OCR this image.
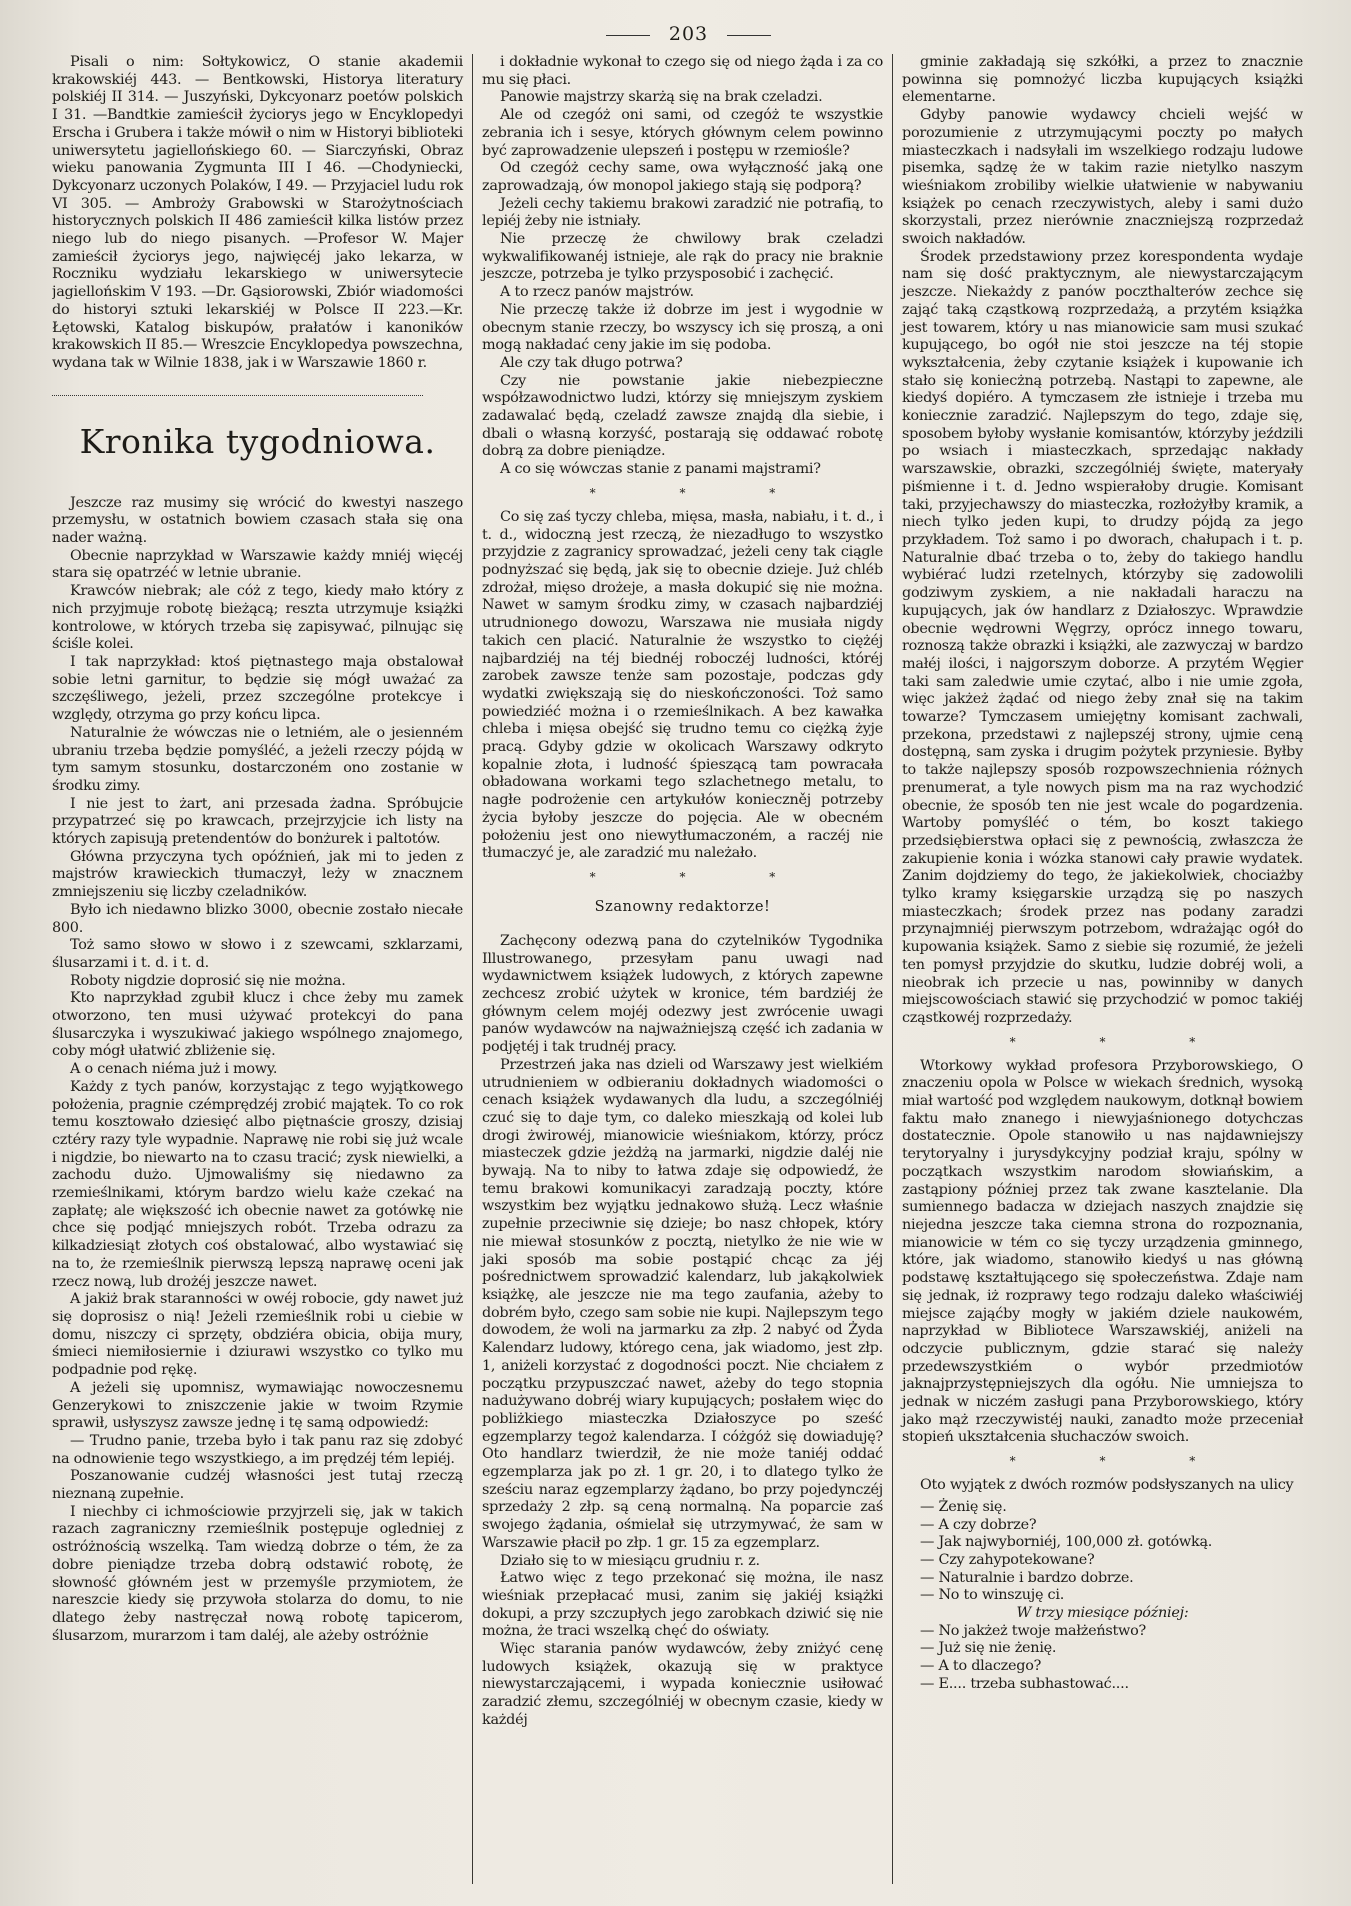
203

Pisali o nim: Sołtykowicz, O stanie akademii krakowskiéj 443. — Bentkowski, Historya literatury polskiéj II 314. — Juszyński, Dykcyonarz poetów polskich I 31. —Bandtkie zamieścił życiorys jego w Encyklopedyi Erscha i Grubera i także mówił o nim w Historyi biblioteki uniwersytetu jagiellońskiego 60. — Siarczyński, Obraz wieku panowania Zygmunta III I 46. —Chodyniecki, Dykcyonarz uczonych Polaków, I 49. — Przyjaciel ludu rok VI 305. — Ambroży Grabowski w Starożytnościach historycznych polskich II 486 zamieścił kilka listów przez niego lub do niego pisanych. —Profesor W. Majer zamieścił życiorys jego, najwięcéj jako lekarza, w Roczniku wydziału lekarskiego w uniwersytecie jagiellońskim V 193. —Dr. Gąsiorowski, Zbiór wiadomości do historyi sztuki lekarskiéj w Polsce II 223.—Kr. Łętowski, Katalog biskupów, prałatów i kanoników krakowskich II 85.— Wreszcie Encyklopedya powszechna, wydana tak w Wilnie 1838, jak i w Warszawie 1860 r.

Kronika tygodniowa.

Jeszcze raz musimy się wrócić do kwestyi naszego przemysłu, w ostatnich bowiem czasach stała się ona nader ważną.

Obecnie naprzykład w Warszawie każdy mniéj więcéj stara się opatrzéć w letnie ubranie.

Krawców niebrak; ale cóż z tego, kiedy mało który z nich przyjmuje robotę bieżącą; reszta utrzymuje książki kontrolowe, w których trzeba się zapisywać, pilnując się ściśle kolei.

I tak naprzykład: ktoś piętnastego maja obstalował sobie letni garnitur, to będzie się mógł uważać za szczęśliwego, jeżeli, przez szczególne protekcye i względy, otrzyma go przy końcu lipca.

Naturalnie że wówczas nie o letniém, ale o jesienném ubraniu trzeba będzie pomyśléć, a jeżeli rzeczy pójdą w tym samym stosunku, dostarczoném ono zostanie w środku zimy.

I nie jest to żart, ani przesada żadna. Spróbujcie przypatrzeć się po krawcach, przejrzyjcie ich listy na których zapisują pretendentów do bonżurek i paltotów.

Główna przyczyna tych opóźnień, jak mi to jeden z majstrów krawieckich tłumaczył, leży w znacznem zmniejszeniu się liczby czeladników.

Było ich niedawno blizko 3000, obecnie zostało niecałe 800.

Toż samo słowo w słowo i z szewcami, szklarzami, ślusarzami i t. d. i t. d.

Roboty nigdzie doprosić się nie można.

Kto naprzykład zgubił klucz i chce żeby mu zamek otworzono, ten musi używać protekcyi do pana ślusarczyka i wyszukiwać jakiego wspólnego znajomego, coby mógł ułatwić zbliżenie się.

A o cenach niéma już i mowy.

Każdy z tych panów, korzystając z tego wyjątkowego położenia, pragnie czémprędzéj zrobić majątek. To co rok temu kosztowało dziesięć albo piętnaście groszy, dzisiaj cztéry razy tyle wypadnie. Naprawę nie robi się już wcale i nigdzie, bo niewarto na to czasu tracić; zysk niewielki, a zachodu dużo. Ujmowaliśmy się niedawno za rzemieślnikami, którym bardzo wielu każe czekać na zapłatę; ale większość ich obecnie nawet za gotówkę nie chce się podjąć mniejszych robót. Trzeba odrazu za kilkadziesiąt złotych coś obstalować, albo wystawiać się na to, że rzemieślnik pierwszą lepszą naprawę oceni jak rzecz nową, lub drożéj jeszcze nawet.

A jakiż brak staranności w owéj robocie, gdy nawet już się doprosisz o nią! Jeżeli rzemieślnik robi u ciebie w domu, niszczy ci sprzęty, obdziéra obicia, obija mury, śmieci niemiłosiernie i dziurawi wszystko co tylko mu podpadnie pod rękę.

A jeżeli się upomnisz, wymawiając nowoczesnemu Genzerykowi to zniszczenie jakie w twoim Rzymie sprawił, usłyszysz zawsze jednę i tę samą odpowiedź:

— Trudno panie, trzeba było i tak panu raz się zdobyć na odnowienie tego wszystkiego, a im prędzéj tém lepiéj.

Poszanowanie cudzéj własności jest tutaj rzeczą nieznaną zupełnie.

I niechby ci ichmościowie przyjrzeli się, jak w takich razach zagraniczny rzemieślnik postępuje ogledniej z ostróżnością wszelką. Tam wiedzą dobrze o tém, że za dobre pieniądze trzeba dobrą odstawić robotę, że słowność główném jest w przemyśle przymiotem, że nareszcie kiedy się przywoła stolarza do domu, to nie dlatego żeby nastręczał nową robotę tapicerom, ślusarzom, murarzom i tam daléj, ale ażeby ostróżnie

i dokładnie wykonał to czego się od niego żąda i za co mu się płaci.

Panowie majstrzy skarżą się na brak czeladzi.

Ale od czegóż oni sami, od czegóż te wszystkie zebrania ich i sesye, których głównym celem powinno być zaprowadzenie ulepszeń i postępu w rzemiośle?

Od czegóż cechy same, owa wyłączność jaką one zaprowadzają, ów monopol jakiego stają się podporą?

Jeżeli cechy takiemu brakowi zaradzić nie potrafią, to lepiéj żeby nie istniały.

Nie przeczę że chwilowy brak czeladzi wykwalifikowanéj istnieje, ale rąk do pracy nie braknie jeszcze, potrzeba je tylko przysposobić i zachęcić.

A to rzecz panów majstrów.

Nie przeczę także iż dobrze im jest i wygodnie w obecnym stanie rzeczy, bo wszyscy ich się proszą, a oni mogą nakładać ceny jakie im się podoba.

Ale czy tak długo potrwa?

Czy nie powstanie jakie niebezpieczne współzawodnictwo ludzi, którzy się mniejszym zyskiem zadawalać będą, czeladź zawsze znajdą dla siebie, i dbali o własną korzyść, postarają się oddawać robotę dobrą za dobre pieniądze.

A co się wówczas stanie z panami majstrami?

* * *

Co się zaś tyczy chleba, mięsa, masła, nabiału, i t. d., i t. d., widoczną jest rzeczą, że niezadługo to wszystko przyjdzie z zagranicy sprowadzać, jeżeli ceny tak ciągle podnyższać się będą, jak się to obecnie dzieje. Już chléb zdrożał, mięso drożeje, a masła dokupić się nie można. Nawet w samym środku zimy, w czasach najbardziéj utrudnionego dowozu, Warszawa nie musiała nigdy takich cen placić. Naturalnie że wszystko to ciężéj najbardziéj na téj biednéj roboczéj ludności, któréj zarobek zawsze tenże sam pozostaje, podczas gdy wydatki zwiększają się do nieskończoności. Toż samo powiedziéć można i o rzemieślnikach. A bez kawałka chleba i mięsa obejść się trudno temu co ciężką żyje pracą. Gdyby gdzie w okolicach Warszawy odkryto kopalnie złota, i ludność śpieszącą tam powracała obładowana workami tego szlachetnego metalu, to nagłe podrożenie cen artykułów konieczněj potrzeby życia byłoby jeszcze do pojęcia. Ale w obecném położeniu jest ono niewytłumaczoném, a raczéj nie tłumaczyć je, ale zaradzić mu należało.

* * *
Szanowny redaktorze!

Zachęcony odezwą pana do czytelników Tygodnika Illustrowanego, przesyłam panu uwagi nad wydawnictwem książek ludowych, z których zapewne zechcesz zrobić użytek w kronice, tém bardziéj że głównym celem mojéj odezwy jest zwrócenie uwagi panów wydawców na najważniejszą część ich zadania w podjętéj i tak trudnéj pracy.

Przestrzeń jaka nas dzieli od Warszawy jest wielkiém utrudnieniem w odbieraniu dokładnych wiadomości o cenach książek wydawanych dla ludu, a szczególniéj czuć się to daje tym, co daleko mieszkają od kolei lub drogi żwirowéj, mianowicie wieśniakom, którzy, prócz miasteczek gdzie jeżdżą na jarmarki, nigdzie daléj nie bywają. Na to niby to łatwa zdaje się odpowiedź, że temu brakowi komunikacyi zaradzają poczty, które wszystkim bez wyjątku jednakowo służą. Lecz właśnie zupełnie przeciwnie się dzieje; bo nasz chłopek, który nie miewał stosunków z pocztą, nietylko że nie wie w jaki sposób ma sobie postąpić chcąc za jéj pośrednictwem sprowadzić kalendarz, lub jakąkolwiek książkę, ale jeszcze nie ma tego zaufania, ażeby to dobrém było, czego sam sobie nie kupi. Najlepszym tego dowodem, że woli na jarmarku za złp. 2 nabyć od Żyda Kalendarz ludowy, którego cena, jak wiadomo, jest złp. 1, aniżeli korzystać z dogodności poczt. Nie chciałem z początku przypuszczać nawet, ażeby do tego stopnia nadużywano dobréj wiary kupujących; posłałem więc do pobliżkiego miasteczka Działoszyce po sześć egzemplarzy tegoż kalendarza. I cóżgóż się dowiaduję? Oto handlarz twierdził, że nie może taniéj oddać egzemplarza jak po zł. 1 gr. 20, i to dlatego tylko że sześciu naraz egzemplarzy żądano, bo przy pojedynczéj sprzedaży 2 złp. są ceną normalną. Na poparcie zaś swojego żądania, ośmielał się utrzymywać, że sam w Warszawie płacił po złp. 1 gr. 15 za egzemplarz.

Działo się to w miesiącu grudniu r. z.

Łatwo więc z tego przekonać się można, ile nasz wieśniak przepłacać musi, zanim się jakiéj książki dokupi, a przy szczupłych jego zarobkach dziwić się nie można, że traci wszelką chęć do oświaty.

Więc starania panów wydawców, żeby zniżyć cenę ludowych książek, okazują się w praktyce niewystarczającemi, i wypada koniecznie usiłować zaradzić złemu, szczególniéj w obecnym czasie, kiedy w każdéj

gminie zakładają się szkółki, a przez to znacznie powinna się pomnożyć liczba kupujących książki elementarne.

Gdyby panowie wydawcy chcieli wejść w porozumienie z utrzymującymi poczty po małych miasteczkach i nadsyłali im wszelkiego rodzaju ludowe pisemka, sądzę że w takim razie nietylko naszym wieśniakom zrobiliby wielkie ułatwienie w nabywaniu książek po cenach rzeczywistych, aleby i sami dużo skorzystali, przez nierównie znaczniejszą rozprzedaż swoich nakładów.

Środek przedstawiony przez korespondenta wydaje nam się dość praktycznym, ale niewystarczającym jeszcze. Niekażdy z panów poczthalterów zechce się zająć taką cząstkową rozprzedażą, a przytém książka jest towarem, który u nas mianowicie sam musi szukać kupującego, bo ogół nie stoi jeszcze na téj stopie wykształcenia, żeby czytanie książek i kupowanie ich stało się koniecżną potrzebą. Nastąpi to zapewne, ale kiedyś dopiéro. A tymczasem złe istnieje i trzeba mu koniecznie zaradzić. Najlepszym do tego, zdaje się, sposobem byłoby wysłanie komisantów, którzyby jeździli po wsiach i miasteczkach, sprzedając nakłady warszawskie, obrazki, szczególniéj święte, materyały piśmienne i t. d. Jedno wspierałoby drugie. Komisant taki, przyjechawszy do miasteczka, rozłożyłby kramik, a niech tylko jeden kupi, to drudzy pójdą za jego przykładem. Toż samo i po dworach, chałupach i t. p. Naturalnie dbać trzeba o to, żeby do takiego handlu wybiérać ludzi rzetelnych, którzyby się zadowolili godziwym zyskiem, a nie nakładali haraczu na kupujących, jak ów handlarz z Działoszyc. Wprawdzie obecnie wędrowni Węgrzy, oprócz innego towaru, roznoszą także obrazki i książki, ale zazwyczaj w bardzo małéj ilości, i najgorszym doborze. A przytém Węgier taki sam zaledwie umie czytać, albo i nie umie zgoła, więc jakżeż żądać od niego żeby znał się na takim towarze? Tymczasem umiejętny komisant zachwali, przekona, przedstawi z najlepszéj strony, ujmie ceną dostępną, sam zyska i drugim pożytek przyniesie. Byłby to także najlepszy sposób rozpowszechnienia różnych prenumerat, a tyle nowych pism ma na raz wychodzić obecnie, że sposób ten nie jest wcale do pogardzenia. Wartoby pomyśléć o tém, bo koszt takiego przedsiębierstwa opłaci się z pewnością, zwłaszcza że zakupienie konia i wózka stanowi cały prawie wydatek. Zanim dojdziemy do tego, że jakiekolwiek, chociażby tylko kramy księgarskie urządzą się po naszych miasteczkach; środek przez nas podany zaradzi przynajmniéj pierwszym potrzebom, wdrażając ogół do kupowania książek. Samo z siebie się rozumié, że jeżeli ten pomysł przyjdzie do skutku, ludzie dobréj woli, a nieobrak ich przecie u nas, powinniby w danych miejscowościach stawić się przychodzić w pomoc takiéj cząstkowéj rozprzedaży.

* * *

Wtorkowy wykład profesora Przyborowskiego, O znaczeniu opola w Polsce w wiekach średnich, wysoką miał wartość pod względem naukowym, dotknął bowiem faktu mało znanego i niewyjaśnionego dotychczas dostatecznie. Opole stanowiło u nas najdawniejszy terytoryalny i jurysdykcyjny podział kraju, spólny w początkach wszystkim narodom słowiańskim, a zastąpiony później przez tak zwane kasztelanie. Dla sumiennego badacza w dziejach naszych znajdzie się niejedna jeszcze taka ciemna strona do rozpoznania, mianowicie w tém co się tyczy urządzenia gminnego, które, jak wiadomo, stanowiło kiedyś u nas główną podstawę kształtującego się społeczeństwa. Zdaje nam się jednak, iż rozprawy tego rodzaju daleko właściwiéj miejsce zająćby mogły w jakiém dziele naukowém, naprzykład w Bibliotece Warszawskiéj, aniżeli na odczycie publicznym, gdzie starać się należy przedewszystkiém o wybór przedmiotów jaknajprzystępniejszych dla ogółu. Nie umniejsza to jednak w niczém zasługi pana Przyborowskiego, który jako mąż rzeczywistéj nauki, zanadto może przeceniał stopień ukształcenia słuchaczów swoich.

* * *

Oto wyjątek z dwóch rozmów podsłyszanych na ulicy

— Żenię się.

— A czy dobrze?

— Jak najwyborniéj, 100,000 zł. gotówką.

— Czy zahypotekowane?

— Naturalnie i bardzo dobrze.

— No to winszuję ci.

W trzy miesiące później:

— No jakżeż twoje małżeństwo?

— Już się nie żenię.

— A to dlaczego?

— E.... trzeba subhastować....
